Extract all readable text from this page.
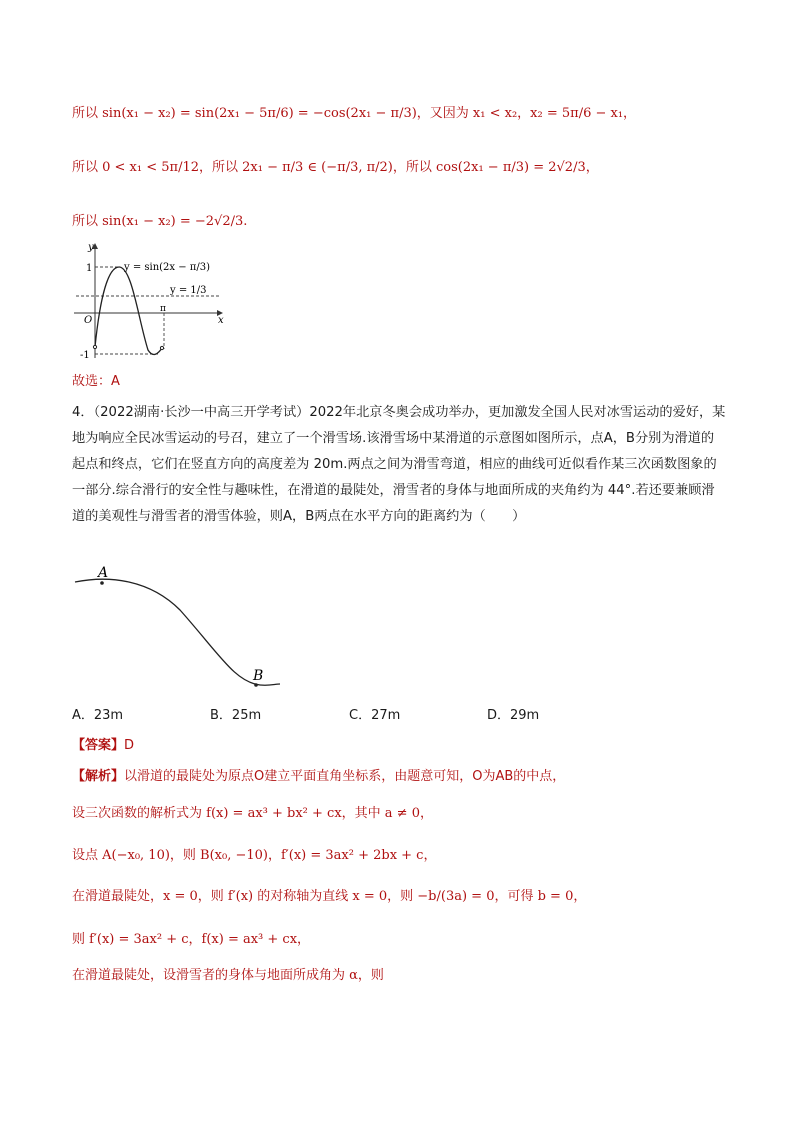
所以 sin(x₁ − x₂) = sin(2x₁ − 5π/6) = −cos(2x₁ − π/3)，又因为 x₁ < x₂，x₂ = 5π/6 − x₁，
所以 0 < x₁ < 5π/12，所以 2x₁ − π/3 ∈ (−π/3, π/2)，所以 cos(2x₁ − π/3) = 2√2/3，
所以 sin(x₁ − x₂) = −2√2/3.
y
x
O
1
-1
π
y = sin(2x − π/3)
y = 1/3
故选：A
4．（2022湖南·长沙一中高三开学考试）2022年北京冬奥会成功举办，更加激发全国人民对冰雪运动的爱好，某地为响应全民冰雪运动的号召，建立了一个滑雪场.该滑雪场中某滑道的示意图如图所示，点A，B分别为滑道的起点和终点，它们在竖直方向的高度差为 20m.两点之间为滑雪弯道，相应的曲线可近似看作某三次函数图象的一部分.综合滑行的安全性与趣味性，在滑道的最陡处，滑雪者的身体与地面所成的夹角约为 44°.若还要兼顾滑道的美观性与滑雪者的滑雪体验，则A，B两点在水平方向的距离约为（　　）
A
B
A．23m	B．25m	C．27m	D．29m
【答案】D
【解析】以滑道的最陡处为原点O建立平面直角坐标系，由题意可知，O为AB的中点，
设三次函数的解析式为 f(x) = ax³ + bx² + cx，其中 a ≠ 0，
设点 A(−x₀, 10)，则 B(x₀, −10)，f′(x) = 3ax² + 2bx + c，
在滑道最陡处，x = 0，则 f′(x) 的对称轴为直线 x = 0，则 −b/(3a) = 0，可得 b = 0，
则 f′(x) = 3ax² + c，f(x) = ax³ + cx，
在滑道最陡处，设滑雪者的身体与地面所成角为 α，则
